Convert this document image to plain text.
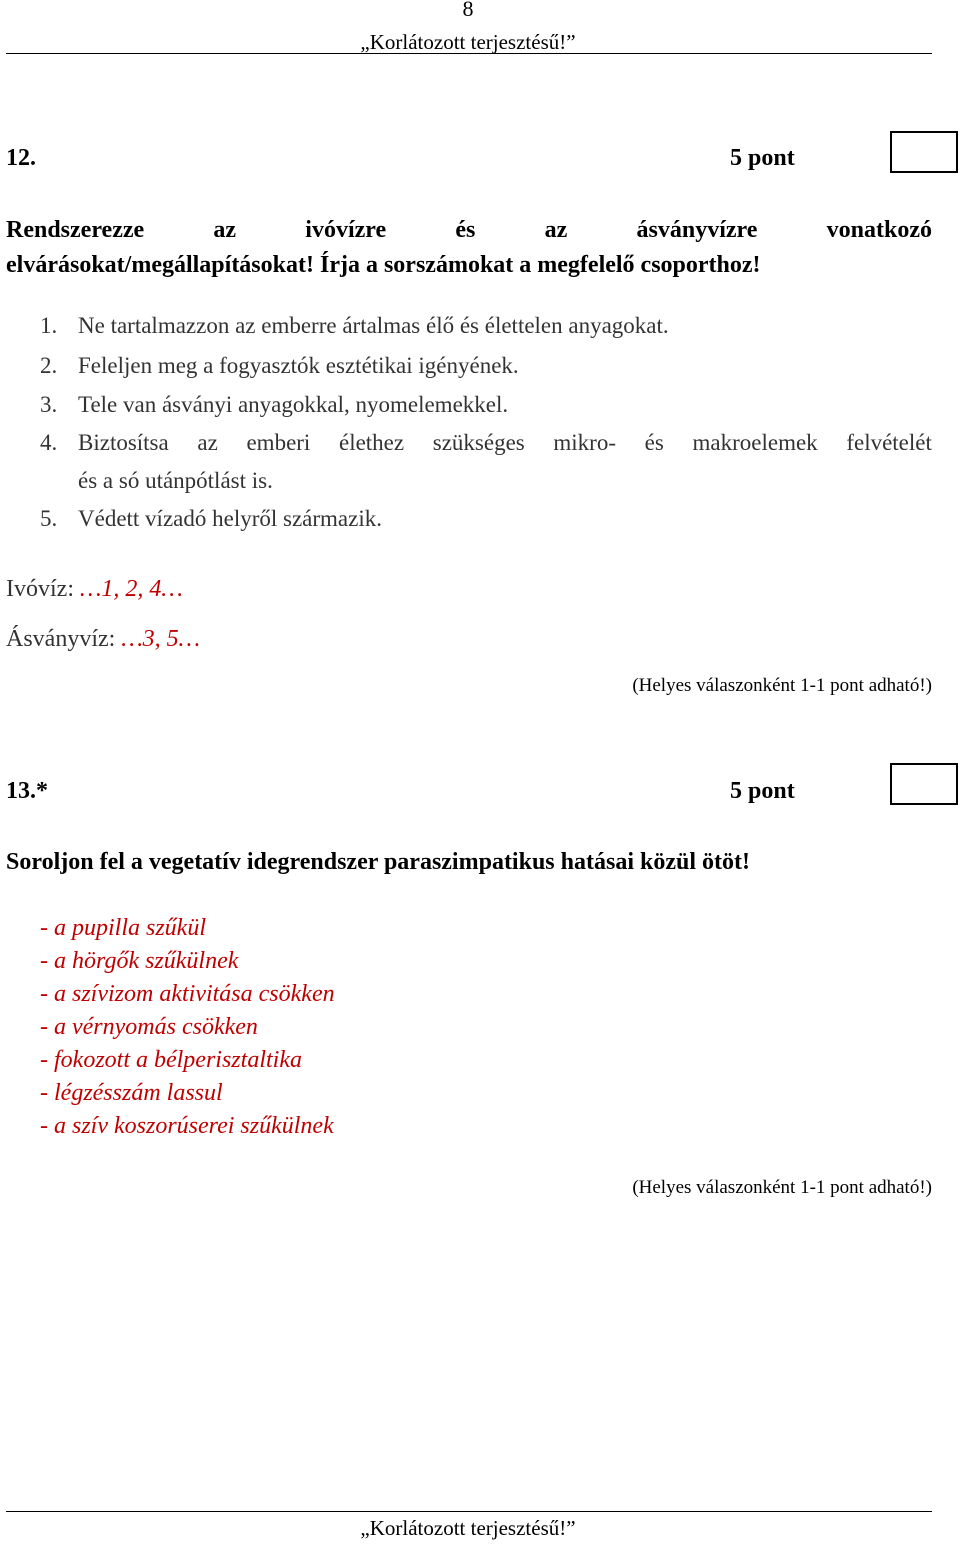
8
„Korlátozott terjesztésű!”
12.	5 pont
Rendszerezze	az	ivóvízre	és	az	ásványvízre	vonatkozó
elvárásokat/megállapításokat! Írja a sorszámokat a megfelelő csoporthoz!
1. Ne tartalmazzon az emberre ártalmas élő és élettelen anyagokat.
2. Feleljen meg a fogyasztók esztétikai igényének.
3. Tele van ásványi anyagokkal, nyomelemekkel.
4. Biztosítsa az emberi élethez szükséges mikro- és makroelemek felvételét
és a só utánpótlást is.
5. Védett vízadó helyről származik.
Ivóvíz: …1, 2, 4…
Ásványvíz: …3, 5…
(Helyes válaszonként 1-1 pont adható!)
13.*	5 pont
Soroljon fel a vegetatív idegrendszer paraszimpatikus hatásai közül ötöt!
- a pupilla szűkül
- a hörgők szűkülnek
- a szívizom aktivitása csökken
- a vérnyomás csökken
- fokozott a bélperisztaltika
- légzésszám lassul
- a szív koszorúserei szűkülnek
(Helyes válaszonként 1-1 pont adható!)
„Korlátozott terjesztésű!”
